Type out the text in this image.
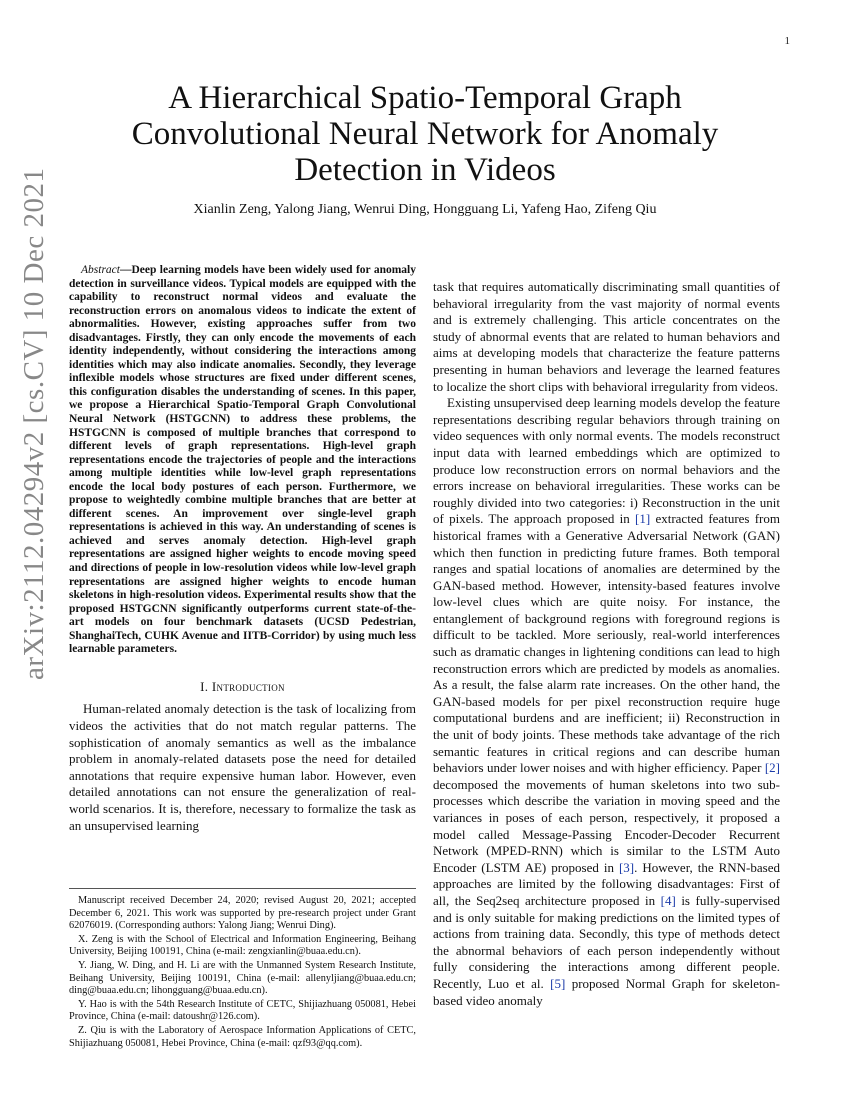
1
arXiv:2112.04294v2 [cs.CV] 10 Dec 2021
A Hierarchical Spatio-Temporal Graph Convolutional Neural Network for Anomaly Detection in Videos
Xianlin Zeng, Yalong Jiang, Wenrui Ding, Hongguang Li, Yafeng Hao, Zifeng Qiu

Abstract—Deep learning models have been widely used for anomaly detection in surveillance videos. Typical models are equipped with the capability to reconstruct normal videos and evaluate the reconstruction errors on anomalous videos to indicate the extent of abnormalities. However, existing approaches suffer from two disadvantages. Firstly, they can only encode the movements of each identity independently, without considering the interactions among identities which may also indicate anomalies. Secondly, they leverage inflexible models whose structures are fixed under different scenes, this configuration disables the understanding of scenes. In this paper, we propose a Hierarchical Spatio-Temporal Graph Convolutional Neural Network (HSTGCNN) to address these problems, the HSTGCNN is composed of multiple branches that correspond to different levels of graph representations. High-level graph representations encode the trajectories of people and the interactions among multiple identities while low-level graph representations encode the local body postures of each person. Furthermore, we propose to weightedly combine multiple branches that are better at different scenes. An improvement over single-level graph representations is achieved in this way. An understanding of scenes is achieved and serves anomaly detection. High-level graph representations are assigned higher weights to encode moving speed and directions of people in low-resolution videos while low-level graph representations are assigned higher weights to encode human skeletons in high-resolution videos. Experimental results show that the proposed HSTGCNN significantly outperforms current state-of-the-art models on four benchmark datasets (UCSD Pedestrian, ShanghaiTech, CUHK Avenue and IITB-Corridor) by using much less learnable parameters.

I. Introduction

Human-related anomaly detection is the task of localizing from videos the activities that do not match regular patterns. The sophistication of anomaly semantics as well as the imbalance problem in anomaly-related datasets pose the need for detailed annotations that require expensive human labor. However, even detailed annotations can not ensure the generalization of real-world scenarios. It is, therefore, necessary to formalize the task as an unsupervised learning

Manuscript received December 24, 2020; revised August 20, 2021; accepted December 6, 2021. This work was supported by pre-research project under Grant 62076019. (Corresponding authors: Yalong Jiang; Wenrui Ding).

X. Zeng is with the School of Electrical and Information Engineering, Beihang University, Beijing 100191, China (e-mail: zengxianlin@buaa.edu.cn).

Y. Jiang, W. Ding, and H. Li are with the Unmanned System Research Institute, Beihang University, Beijing 100191, China (e-mail: allenyljiang@buaa.edu.cn; ding@buaa.edu.cn; lihongguang@buaa.edu.cn).

Y. Hao is with the 54th Research Institute of CETC, Shijiazhuang 050081, Hebei Province, China (e-mail: datoushr@126.com).

Z. Qiu is with the Laboratory of Aerospace Information Applications of CETC, Shijiazhuang 050081, Hebei Province, China (e-mail: qzf93@qq.com).

task that requires automatically discriminating small quantities of behavioral irregularity from the vast majority of normal events and is extremely challenging. This article concentrates on the study of abnormal events that are related to human behaviors and aims at developing models that characterize the feature patterns presenting in human behaviors and leverage the learned features to localize the short clips with behavioral irregularity from videos.

Existing unsupervised deep learning models develop the feature representations describing regular behaviors through training on video sequences with only normal events. The models reconstruct input data with learned embeddings which are optimized to produce low reconstruction errors on normal behaviors and the errors increase on behavioral irregularities. These works can be roughly divided into two categories: i) Reconstruction in the unit of pixels. The approach proposed in [1] extracted features from historical frames with a Generative Adversarial Network (GAN) which then function in predicting future frames. Both temporal ranges and spatial locations of anomalies are determined by the GAN-based method. However, intensity-based features involve low-level clues which are quite noisy. For instance, the entanglement of background regions with foreground regions is difficult to be tackled. More seriously, real-world interferences such as dramatic changes in lightening conditions can lead to high reconstruction errors which are predicted by models as anomalies. As a result, the false alarm rate increases. On the other hand, the GAN-based models for per pixel reconstruction require huge computational burdens and are inefficient; ii) Reconstruction in the unit of body joints. These methods take advantage of the rich semantic features in critical regions and can describe human behaviors under lower noises and with higher efficiency. Paper [2] decomposed the movements of human skeletons into two sub-processes which describe the variation in moving speed and the variances in poses of each person, respectively, it proposed a model called Message-Passing Encoder-Decoder Recurrent Network (MPED-RNN) which is similar to the LSTM Auto Encoder (LSTM AE) proposed in [3]. However, the RNN-based approaches are limited by the following disadvantages: First of all, the Seq2seq architecture proposed in [4] is fully-supervised and is only suitable for making predictions on the limited types of actions from training data. Secondly, this type of methods detect the abnormal behaviors of each person independently without fully considering the interactions among different people. Recently, Luo et al. [5] proposed Normal Graph for skeleton-based video anomaly
